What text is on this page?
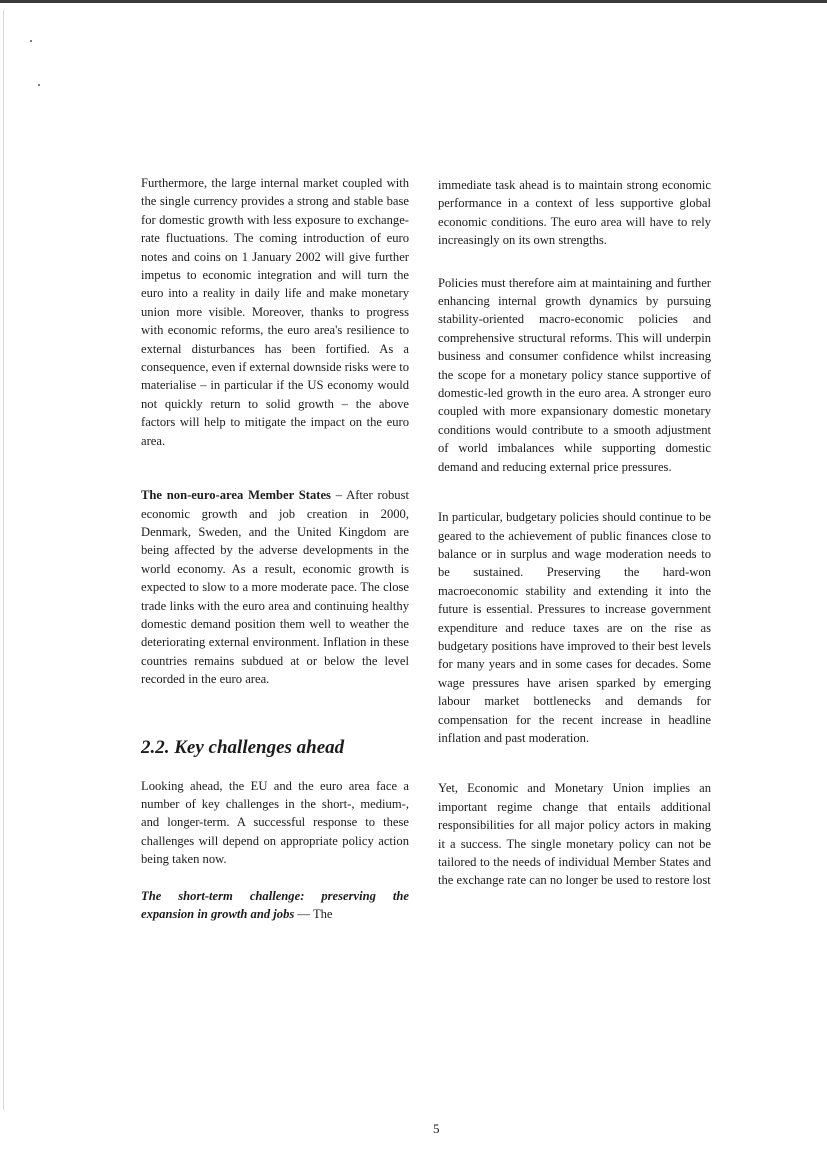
Furthermore, the large internal market coupled with the single currency provides a strong and stable base for domestic growth with less exposure to exchange-rate fluctuations. The coming introduction of euro notes and coins on 1 January 2002 will give further impetus to economic integration and will turn the euro into a reality in daily life and make monetary union more visible. Moreover, thanks to progress with economic reforms, the euro area's resilience to external disturbances has been fortified. As a consequence, even if external downside risks were to materialise – in particular if the US economy would not quickly return to solid growth – the above factors will help to mitigate the impact on the euro area.

The non-euro-area Member States – After robust economic growth and job creation in 2000, Denmark, Sweden, and the United Kingdom are being affected by the adverse developments in the world economy. As a result, economic growth is expected to slow to a more moderate pace. The close trade links with the euro area and continuing healthy domestic demand position them well to weather the deteriorating external environment. Inflation in these countries remains subdued at or below the level recorded in the euro area.

2.2. Key challenges ahead

Looking ahead, the EU and the euro area face a number of key challenges in the short-, medium-, and longer-term. A successful response to these challenges will depend on appropriate policy action being taken now.

The short-term challenge: preserving the expansion in growth and jobs — The

immediate task ahead is to maintain strong economic performance in a context of less supportive global economic conditions. The euro area will have to rely increasingly on its own strengths.

Policies must therefore aim at maintaining and further enhancing internal growth dynamics by pursuing stability-oriented macro-economic policies and comprehensive structural reforms. This will underpin business and consumer confidence whilst increasing the scope for a monetary policy stance supportive of domestic-led growth in the euro area. A stronger euro coupled with more expansionary domestic monetary conditions would contribute to a smooth adjustment of world imbalances while supporting domestic demand and reducing external price pressures.

In particular, budgetary policies should continue to be geared to the achievement of public finances close to balance or in surplus and wage moderation needs to be sustained. Preserving the hard-won macroeconomic stability and extending it into the future is essential. Pressures to increase government expenditure and reduce taxes are on the rise as budgetary positions have improved to their best levels for many years and in some cases for decades. Some wage pressures have arisen sparked by emerging labour market bottlenecks and demands for compensation for the recent increase in headline inflation and past moderation.

Yet, Economic and Monetary Union implies an important regime change that entails additional responsibilities for all major policy actors in making it a success. The single monetary policy can not be tailored to the needs of individual Member States and the exchange rate can no longer be used to restore lost

5
